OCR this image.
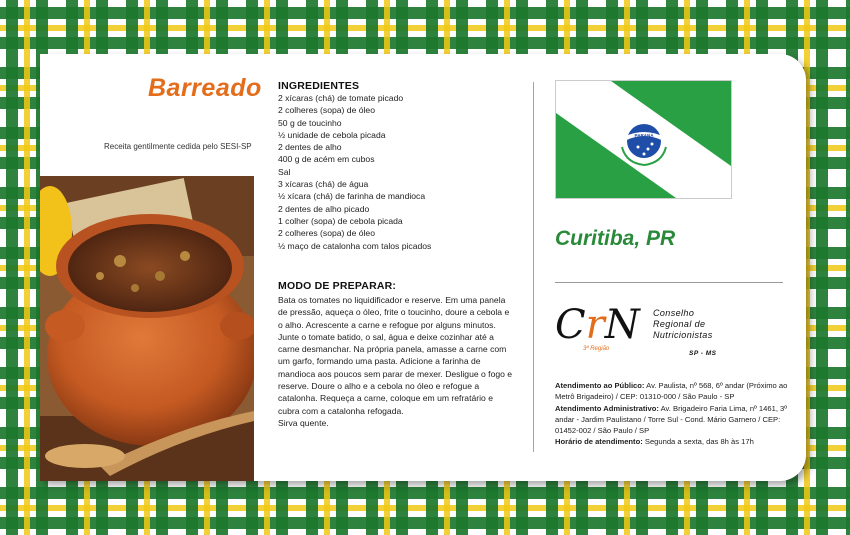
Barreado
Receita gentilmente cedida pelo SESI-SP
INGREDIENTES
2 xícaras (chá) de tomate picado
2 colheres (sopa) de óleo
50 g de toucinho
½ unidade de cebola picada
2 dentes de alho
400 g de acém em cubos
Sal
3 xícaras (chá) de água
½ xícara (chá) de farinha de mandioca
2 dentes de alho picado
1 colher (sopa) de cebola picada
2 colheres (sopa) de óleo
½ maço de catalonha com talos picados
MODO DE PREPARAR:
Bata os tomates no liquidificador e reserve. Em uma panela de pressão, aqueça o óleo, frite o toucinho, doure a cebola e o alho. Acrescente a carne e refogue por alguns minutos. Junte o tomate batido, o sal, água e deixe cozinhar até a carne desmanchar. Na própria panela, amasse a carne com um garfo, formando uma pasta. Adicione a farinha de mandioca aos poucos sem parar de mexer. Desligue o fogo e reserve. Doure o alho e a cebola no óleo e refogue a catalonha. Requeça a carne, coloque em um refratário e cubra com a catalonha refogada.
Sirva quente.
PARANÁ
Curitiba, PR
CrN
3ª Região
Conselho
Regional de
Nutricionistas
SP - MS
Atendimento ao Público: Av. Paulista, nº 568, 6º andar (Próximo ao Metrô Brigadeiro) / CEP: 01310-000 / São Paulo - SP
Atendimento Administrativo: Av. Brigadeiro Faria Lima, nº 1461, 3º andar - Jardim Paulistano / Torre Sul - Cond. Mário Garnero / CEP: 01452-002 / São Paulo / SP
Horário de atendimento: Segunda a sexta, das 8h às 17h
